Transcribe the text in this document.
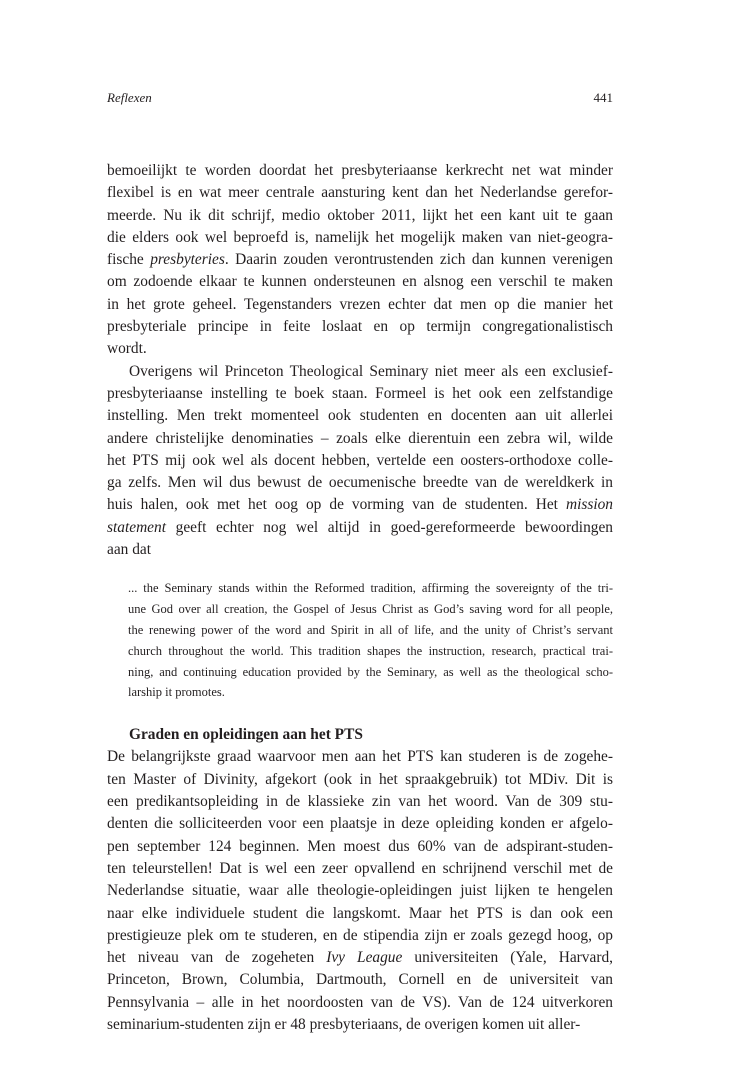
Reflexen	441
bemoeilijkt te worden doordat het presbyteriaanse kerkrecht net wat minder
flexibel is en wat meer centrale aansturing kent dan het Nederlandse gerefor-
meerde. Nu ik dit schrijf, medio oktober 2011, lijkt het een kant uit te gaan
die elders ook wel beproefd is, namelijk het mogelijk maken van niet-geogra-
fische presbyteries. Daarin zouden verontrustenden zich dan kunnen verenigen
om zodoende elkaar te kunnen ondersteunen en alsnog een verschil te maken
in het grote geheel. Tegenstanders vrezen echter dat men op die manier het
presbyteriale principe in feite loslaat en op termijn congregationalistisch
wordt.
Overigens wil Princeton Theological Seminary niet meer als een exclusief-
presbyteriaanse instelling te boek staan. Formeel is het ook een zelfstandige
instelling. Men trekt momenteel ook studenten en docenten aan uit allerlei
andere christelijke denominaties – zoals elke dierentuin een zebra wil, wilde
het PTS mij ook wel als docent hebben, vertelde een oosters-orthodoxe colle-
ga zelfs. Men wil dus bewust de oecumenische breedte van de wereldkerk in
huis halen, ook met het oog op de vorming van de studenten. Het mission
statement geeft echter nog wel altijd in goed-gereformeerde bewoordingen
aan dat
... the Seminary stands within the Reformed tradition, affirming the sovereignty of the tri-
une God over all creation, the Gospel of Jesus Christ as God’s saving word for all people,
the renewing power of the word and Spirit in all of life, and the unity of Christ’s servant
church throughout the world. This tradition shapes the instruction, research, practical trai-
ning, and continuing education provided by the Seminary, as well as the theological scho-
larship it promotes.
Graden en opleidingen aan het PTS
De belangrijkste graad waarvoor men aan het PTS kan studeren is de zogehe-
ten Master of Divinity, afgekort (ook in het spraakgebruik) tot MDiv. Dit is
een predikantsopleiding in de klassieke zin van het woord. Van de 309 stu-
denten die solliciteerden voor een plaatsje in deze opleiding konden er afgelo-
pen september 124 beginnen. Men moest dus 60% van de adspirant-studen-
ten teleurstellen! Dat is wel een zeer opvallend en schrijnend verschil met de
Nederlandse situatie, waar alle theologie-opleidingen juist lijken te hengelen
naar elke individuele student die langskomt. Maar het PTS is dan ook een
prestigieuze plek om te studeren, en de stipendia zijn er zoals gezegd hoog, op
het niveau van de zogeheten Ivy League universiteiten (Yale, Harvard,
Princeton, Brown, Columbia, Dartmouth, Cornell en de universiteit van
Pennsylvania – alle in het noordoosten van de VS). Van de 124 uitverkoren
seminarium-studenten zijn er 48 presbyteriaans, de overigen komen uit aller-
